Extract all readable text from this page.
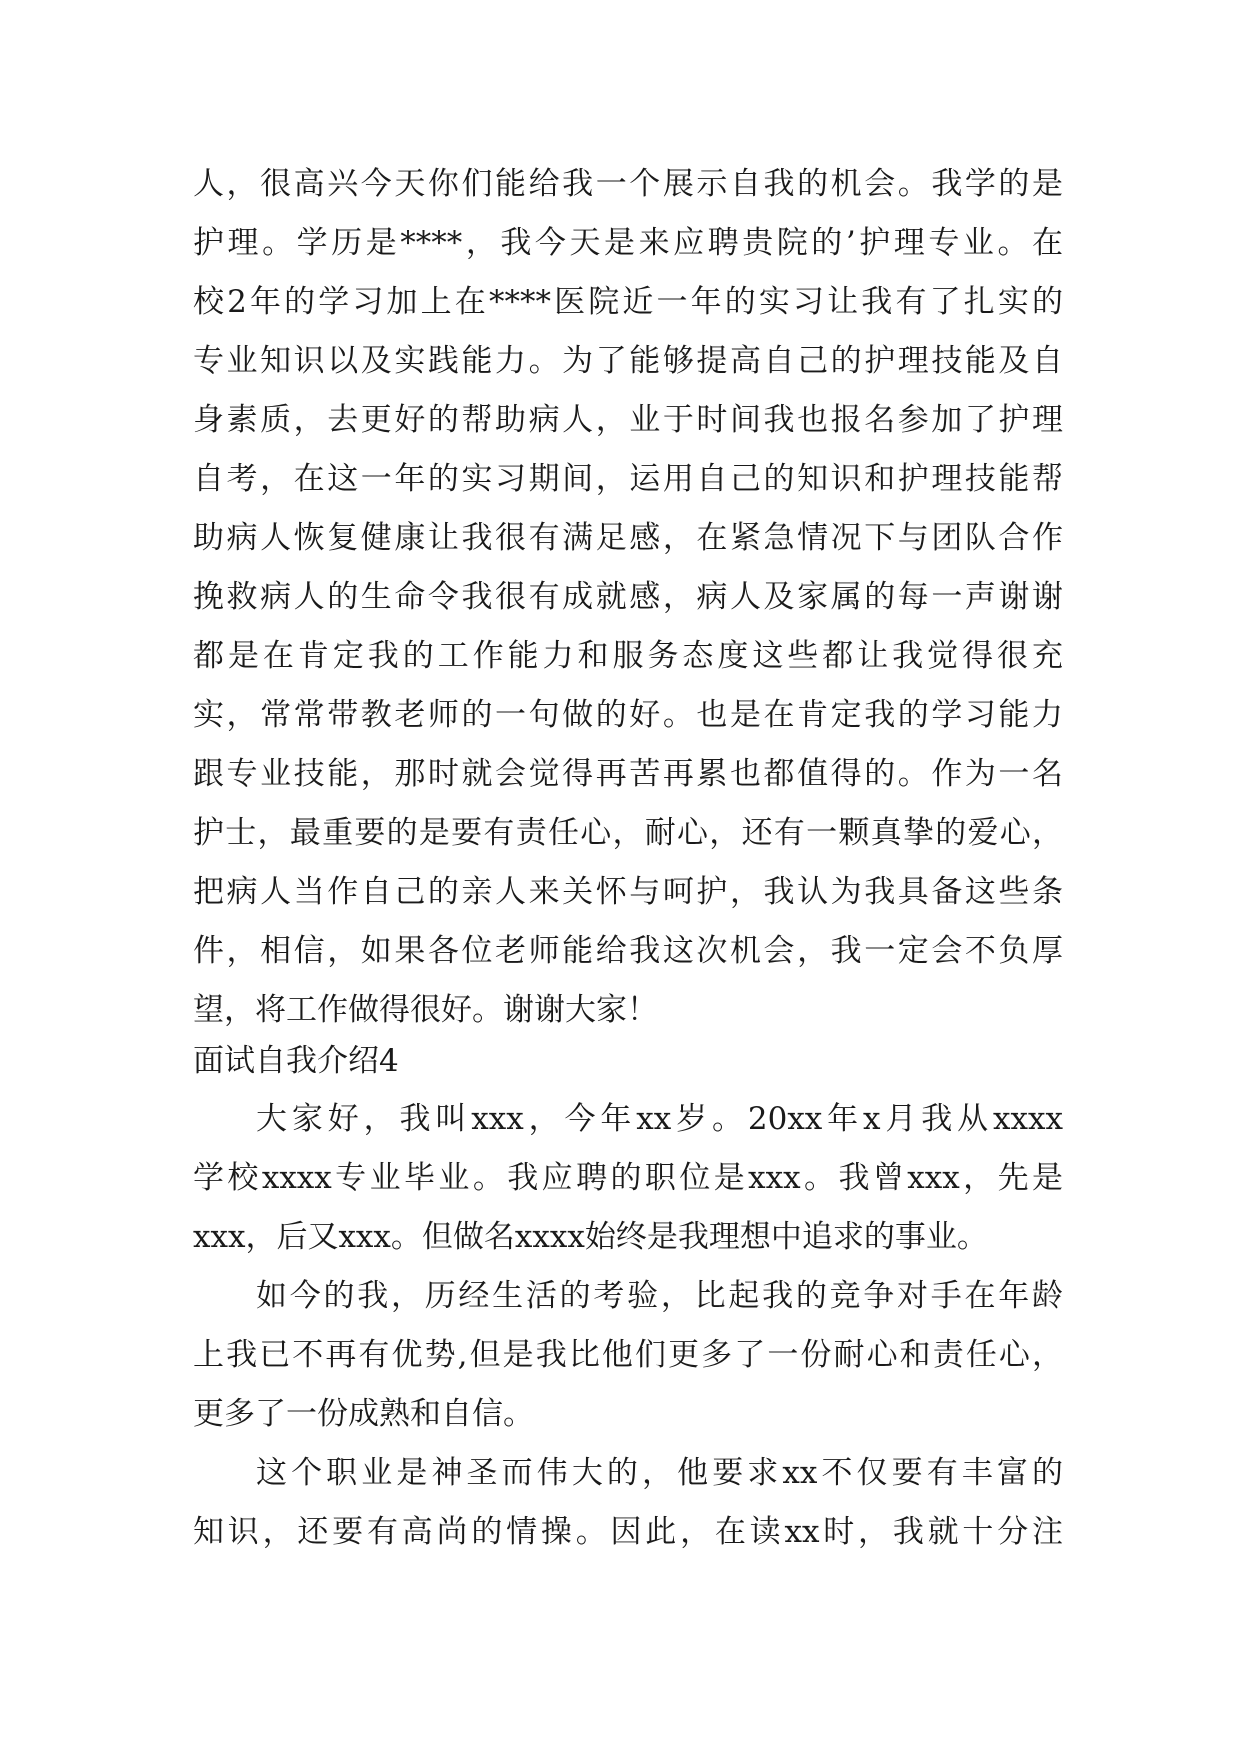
人，很高兴今天你们能给我一个展示自我的机会。我学的是
护理。学历是****，我今天是来应聘贵院的’护理专业。在
校2年的学习加上在****医院近一年的实习让我有了扎实的
专业知识以及实践能力。为了能够提高自己的护理技能及自
身素质，去更好的帮助病人，业于时间我也报名参加了护理
自考，在这一年的实习期间，运用自己的知识和护理技能帮
助病人恢复健康让我很有满足感，在紧急情况下与团队合作
挽救病人的生命令我很有成就感，病人及家属的每一声谢谢
都是在肯定我的工作能力和服务态度这些都让我觉得很充
实，常常带教老师的一句做的好。也是在肯定我的学习能力
跟专业技能，那时就会觉得再苦再累也都值得的。作为一名
护士，最重要的是要有责任心，耐心，还有一颗真挚的爱心，
把病人当作自己的亲人来关怀与呵护，我认为我具备这些条
件，相信，如果各位老师能给我这次机会，我一定会不负厚
望，将工作做得很好。谢谢大家！
面试自我介绍4
大家好，我叫xxx，今年xx岁。20xx年x月我从xxxx
学校xxxx专业毕业。我应聘的职位是xxx。我曾xxx，先是
xxx，后又xxx。但做名xxxx始终是我理想中追求的事业。
如今的我，历经生活的考验，比起我的竞争对手在年龄
上我已不再有优势,但是我比他们更多了一份耐心和责任心，
更多了一份成熟和自信。
这个职业是神圣而伟大的，他要求xx不仅要有丰富的
知识，还要有高尚的情操。因此，在读xx时，我就十分注
